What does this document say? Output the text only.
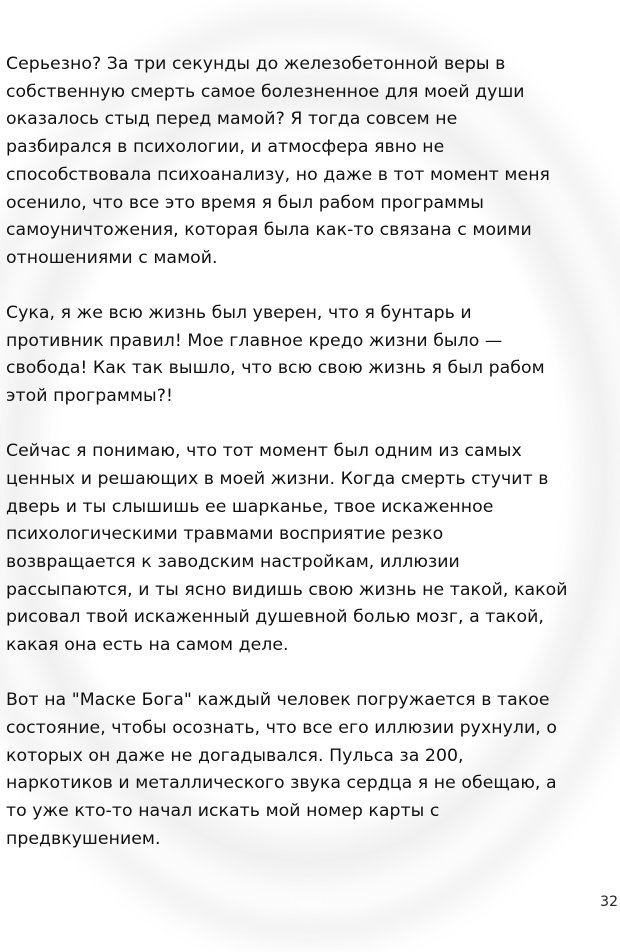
Серьезно? За три секунды до железобетонной веры в
собственную смерть самое болезненное для моей души
оказалось стыд перед мамой? Я тогда совсем не
разбирался в психологии, и атмосфера явно не
способствовала психоанализу, но даже в тот момент меня
осенило, что все это время я был рабом программы
самоуничтожения, которая была как-то связана с моими
отношениями с мамой.

Сука, я же всю жизнь был уверен, что я бунтарь и
противник правил! Мое главное кредо жизни было —
свобода! Как так вышло, что всю свою жизнь я был рабом
этой программы?!

Сейчас я понимаю, что тот момент был одним из самых
ценных и решающих в моей жизни. Когда смерть стучит в
дверь и ты слышишь ее шарканье, твое искаженное
психологическими травмами восприятие резко
возвращается к заводским настройкам, иллюзии
рассыпаются, и ты ясно видишь свою жизнь не такой, какой
рисовал твой искаженный душевной болью мозг, а такой,
какая она есть на самом деле.

Вот на "Маске Бога" каждый человек погружается в такое
состояние, чтобы осознать, что все его иллюзии рухнули, о
которых он даже не догадывался. Пульса за 200,
наркотиков и металлического звука сердца я не обещаю, а
то уже кто-то начал искать мой номер карты с
предвкушением.

32
